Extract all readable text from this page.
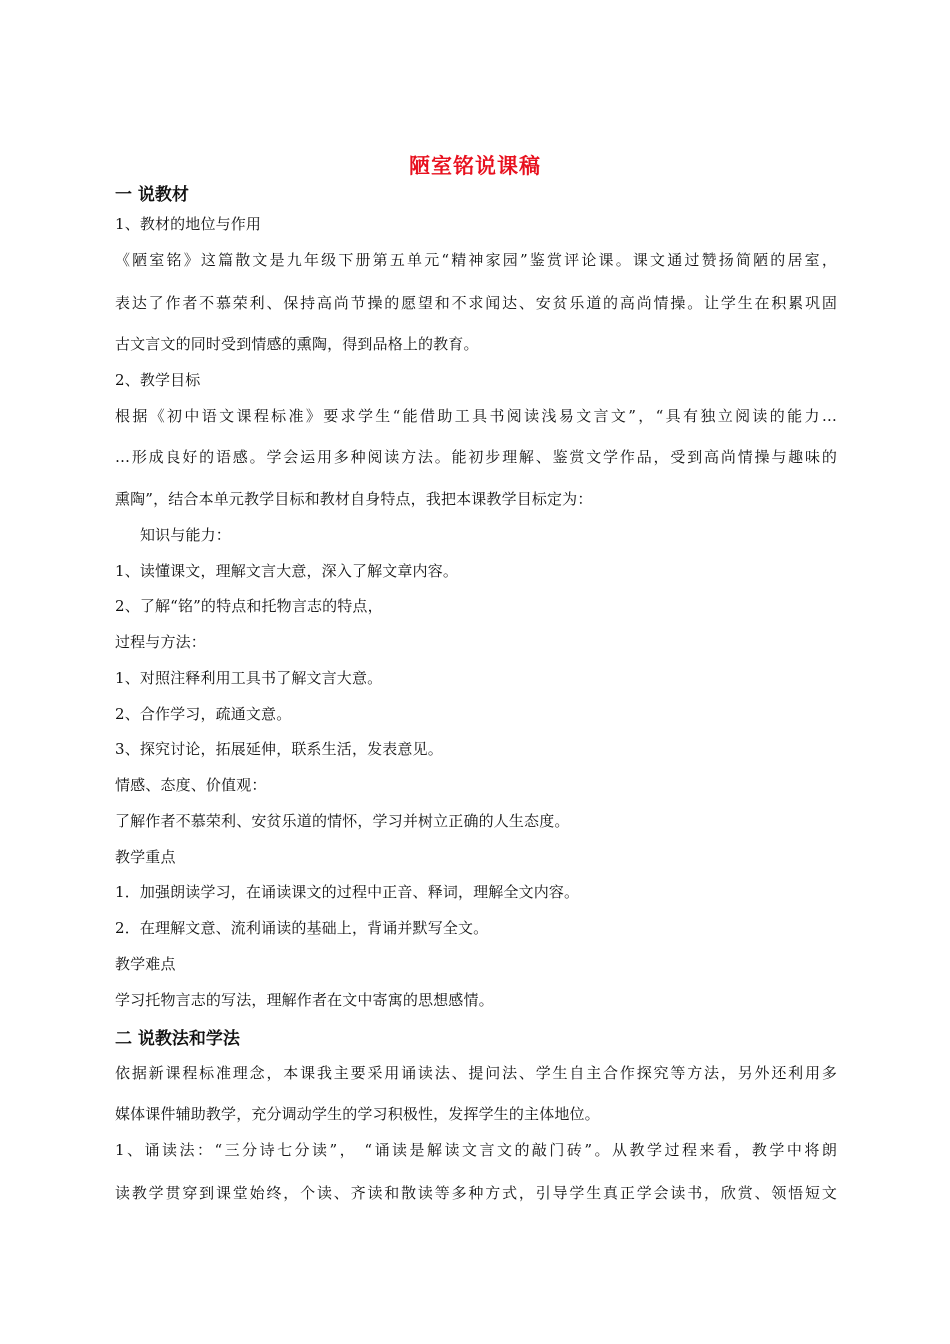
陋室铭说课稿
一 说教材
1、教材的地位与作用
《陋室铭》这篇散文是九年级下册第五单元“精神家园”鉴赏评论课。课文通过赞扬简陋的居室，
表达了作者不慕荣利、保持高尚节操的愿望和不求闻达、安贫乐道的高尚情操。让学生在积累巩固
古文言文的同时受到情感的熏陶，得到品格上的教育。
2、教学目标
根据《初中语文课程标准》要求学生“能借助工具书阅读浅易文言文”，“具有独立阅读的能力…
…形成良好的语感。学会运用多种阅读方法。能初步理解、鉴赏文学作品，受到高尚情操与趣味的
熏陶”，结合本单元教学目标和教材自身特点，我把本课教学目标定为：
知识与能力：
1、读懂课文，理解文言大意，深入了解文章内容。
2、了解“铭”的特点和托物言志的特点，
过程与方法：
1、对照注释利用工具书了解文言大意。
2、合作学习，疏通文意。
3、探究讨论，拓展延伸，联系生活，发表意见。
情感、态度、价值观：
了解作者不慕荣利、安贫乐道的情怀，学习并树立正确的人生态度。
教学重点
1．加强朗读学习，在诵读课文的过程中正音、释词，理解全文内容。
2．在理解文意、流利诵读的基础上，背诵并默写全文。
教学难点
学习托物言志的写法，理解作者在文中寄寓的思想感情。
二 说教法和学法
依据新课程标准理念，本课我主要采用诵读法、提问法、学生自主合作探究等方法，另外还利用多
媒体课件辅助教学，充分调动学生的学习积极性，发挥学生的主体地位。
1、诵读法：“三分诗七分读”， “诵读是解读文言文的敲门砖”。从教学过程来看，教学中将朗
读教学贯穿到课堂始终，个读、齐读和散读等多种方式，引导学生真正学会读书，欣赏、领悟短文
